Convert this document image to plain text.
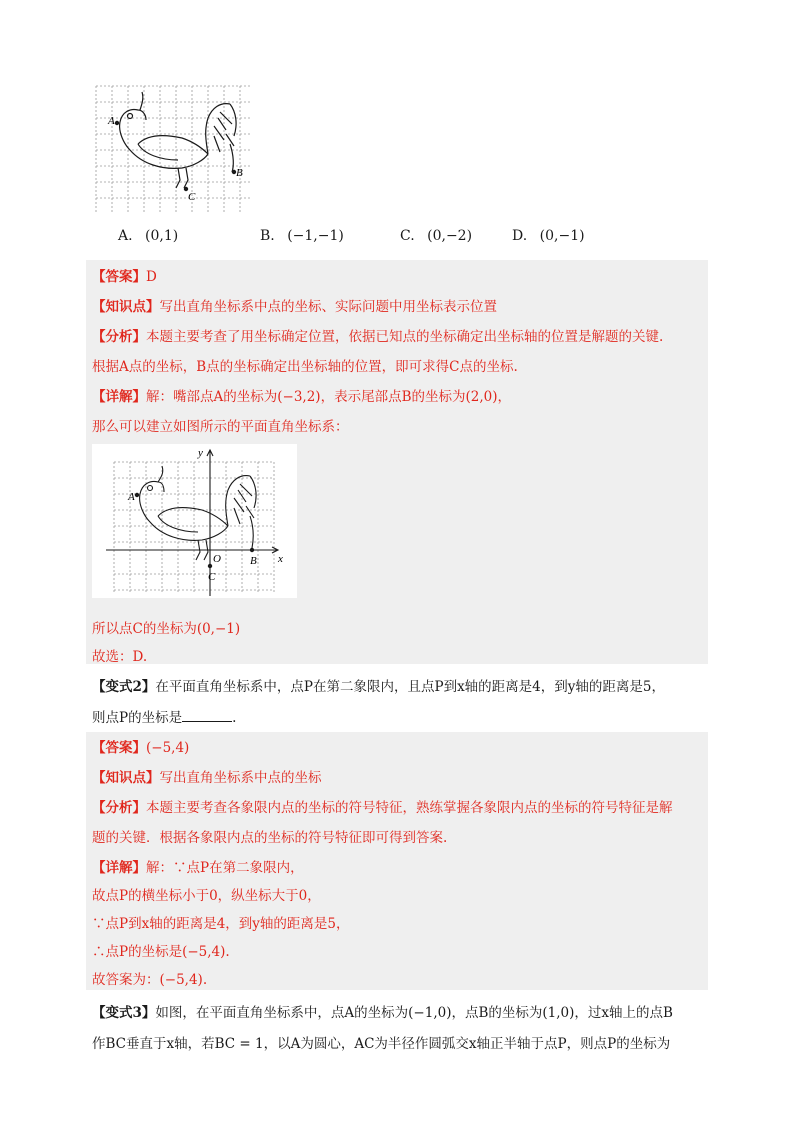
A
B
C
A. (0,1)	B. (−1,−1)	C. (0,−2)	D. (0,−1)
【答案】D
【知识点】写出直角坐标系中点的坐标、实际问题中用坐标表示位置
【分析】本题主要考查了用坐标确定位置，依据已知点的坐标确定出坐标轴的位置是解题的关键.
根据A点的坐标，B点的坐标确定出坐标轴的位置，即可求得C点的坐标.
【详解】解：嘴部点A的坐标为(−3,2)，表示尾部点B的坐标为(2,0)，
那么可以建立如图所示的平面直角坐标系：
A
B
C
O	x
y
所以点C的坐标为(0,−1)
故选：D.
【变式2】在平面直角坐标系中，点P在第二象限内，且点P到x轴的距离是4，到y轴的距离是5，
则点P的坐标是	.
【答案】(−5,4)
【知识点】写出直角坐标系中点的坐标
【分析】本题主要考查各象限内点的坐标的符号特征，熟练掌握各象限内点的坐标的符号特征是解
题的关键．根据各象限内点的坐标的符号特征即可得到答案.
【详解】解：∵点P在第二象限内，
故点P的横坐标小于0，纵坐标大于0，
∵点P到x轴的距离是4，到y轴的距离是5，
∴点P的坐标是(−5,4).
故答案为：(−5,4).
【变式3】如图，在平面直角坐标系中，点A的坐标为(−1,0)，点B的坐标为(1,0)，过x轴上的点B
作BC垂直于x轴，若BC = 1，以A为圆心，AC为半径作圆弧交x轴正半轴于点P，则点P的坐标为
